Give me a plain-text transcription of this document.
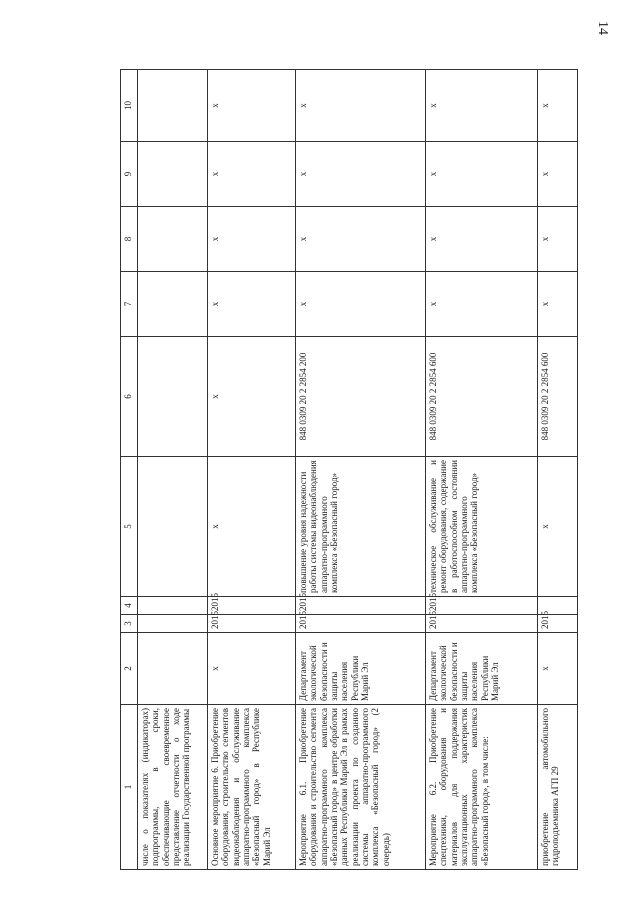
14
1	2	3	4	5	6	7	8	9	10
числе о показателях (индикаторах) подпрограммы, в сроки, обеспечивающие своевременное представление отчетности о ходе реализации Государственной программы									
Основное мероприятие 6. Приобретение оборудования, строительство сегментов видеонаблюдения и обслуживание аппаратно-программного комплекса «Безопасный город» в Республике Марий Эл	x	2015	2015	x	x	x	x	x	x
Мероприятие 6.1. Приобретение оборудования и строительство сегмента аппаратно-программного комплекса «Безопасный город» в центре обработки данных Республики Марий Эл в рамках реализации проекта по созданию системы аппаратно-программного комплекса «Безопасный город» (2 очередь)	Департамент экологической безопасности и защиты населения Республики Марий Эл	2015	2015	повышение уровня надежности работы системы видеонаблюдения аппаратно-программного комплекса «Безопасный город»	848 0309 20 2 2854 200	x	x	x	x
Мероприятие 6.2. Приобретение спецтехники, оборудования и материалов для поддержания эксплуатационных характеристик аппаратно-программного комплекса «Безопасный город», в том числе:	Департамент экологической безопасности и защиты населения Республики Марий Эл	2015	2015	техническое обслуживание и ремонт оборудования, содержание в работоспособном состоянии аппаратно-программного комплекса «Безопасный город»	848 0309 20 2 2854 600	x	x	x	x
приобретение автомобильного гидроподъемника АГП 29	x	2015		x	848 0309 20 2 2854 600	x	x	x	x
